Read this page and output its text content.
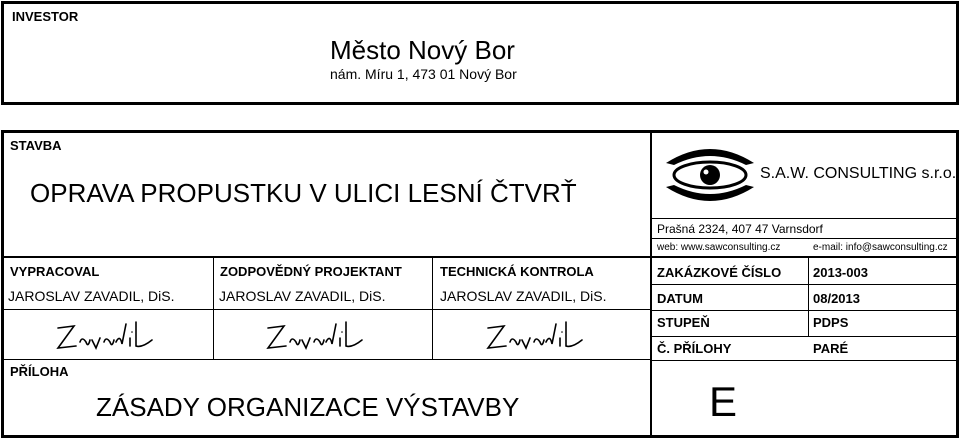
INVESTOR
Město Nový Bor
nám. Míru 1, 473 01 Nový Bor
STAVBA
OPRAVA PROPUSTKU V ULICI LESNÍ ČTVRŤ
S.A.W. CONSULTING s.r.o.
Prašná 2324, 407 47 Varnsdorf
web: www.sawconsulting.cz	e-mail: info@sawconsulting.cz
VYPRACOVAL	ZODPOVĚDNÝ PROJEKTANT	TECHNICKÁ KONTROLA
JAROSLAV ZAVADIL, DiS.	JAROSLAV ZAVADIL, DiS.	JAROSLAV ZAVADIL, DiS.
PŘÍLOHA
ZÁSADY ORGANIZACE VÝSTAVBY
ZAKÁZKOVÉ ČÍSLO 2013-003
DATUM	08/2013
STUPEŇ	PDPS
Č. PŘÍLOHY	PARÉ
E
